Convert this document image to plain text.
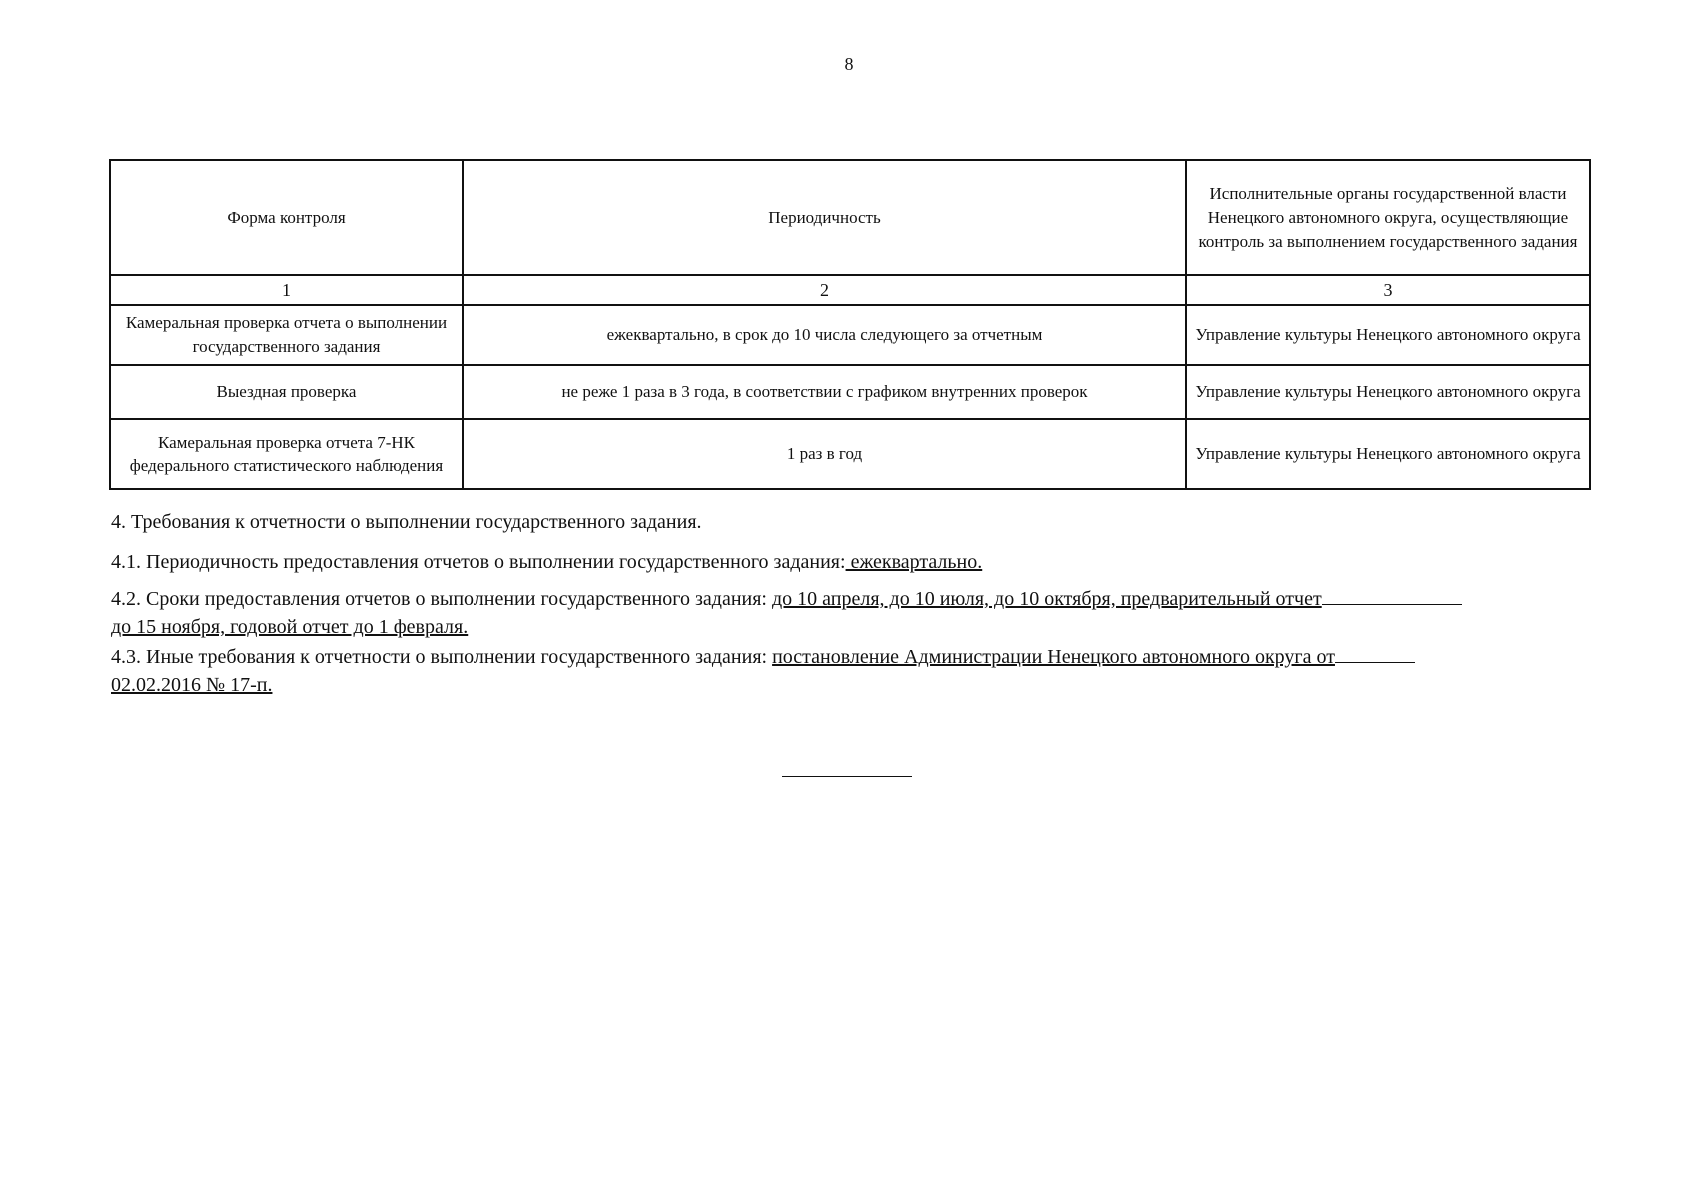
8
Форма контроля	Периодичность	Исполнительные органы государственной власти Ненецкого автономного округа, осуществляющие контроль за выполнением государственного задания
1	2	3
Камеральная проверка отчета о выполнении государственного задания	ежеквартально, в срок до 10 числа следующего за отчетным	Управление культуры Ненецкого автономного округа
Выездная проверка	не реже 1 раза в 3 года, в соответствии с графиком внутренних проверок	Управление культуры Ненецкого автономного округа
Камеральная проверка отчета 7-НК федерального статистического наблюдения	1 раз в год	Управление культуры Ненецкого автономного округа
4. Требования к отчетности о выполнении государственного задания.
4.1. Периодичность предоставления отчетов о выполнении государственного задания: ежеквартально.
4.2. Сроки предоставления отчетов о выполнении государственного задания: до 10 апреля, до 10 июля, до 10 октября, предварительный отчет
до 15 ноября, годовой отчет до 1 февраля.
4.3. Иные требования к отчетности о выполнении государственного задания: постановление Администрации Ненецкого автономного округа от
02.02.2016 № 17-п.
